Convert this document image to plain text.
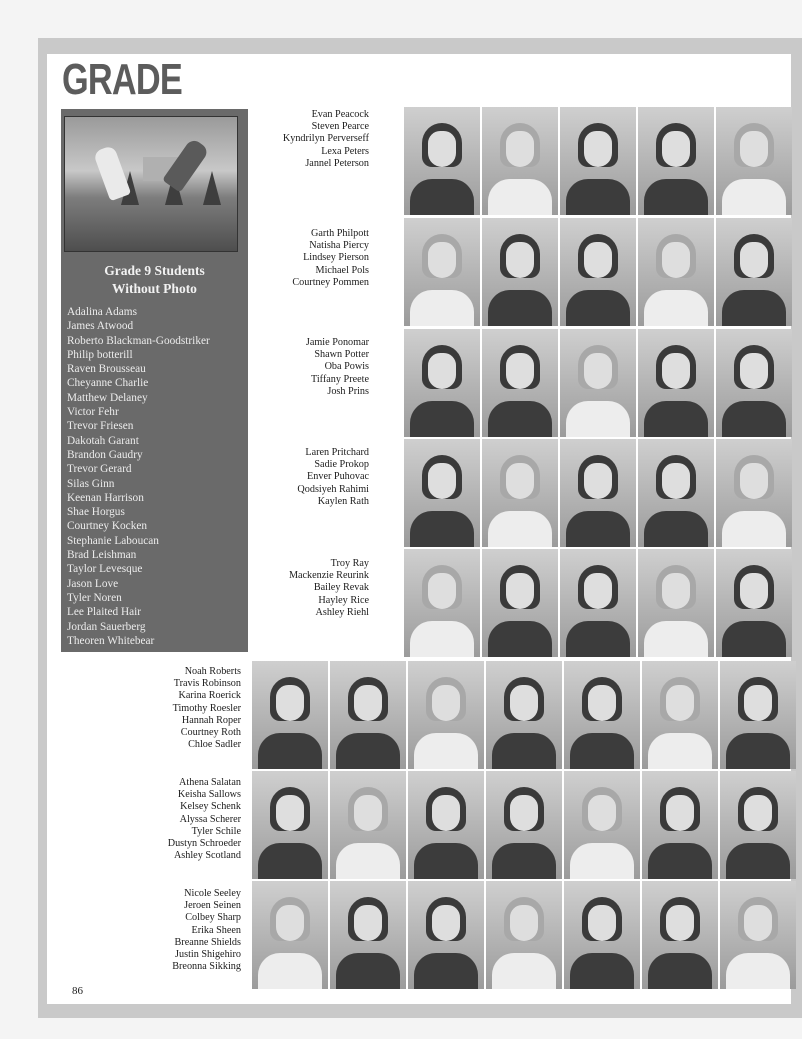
GRADE
Grade 9 Students
Without Photo
Adalina Adams
James Atwood
Roberto Blackman-Goodstriker
Philip botterill
Raven Brousseau
Cheyanne Charlie
Matthew Delaney
Victor Fehr
Trevor Friesen
Dakotah Garant
Brandon Gaudry
Trevor Gerard
Silas Ginn
Keenan Harrison
Shae Horgus
Courtney Kocken
Stephanie Laboucan
Brad Leishman
Taylor Levesque
Jason Love
Tyler Noren
Lee Plaited Hair
Jordan Sauerberg
Theoren Whitebear
Evan Peacock
Steven Pearce
Kyndrilyn Perverseff
Lexa Peters
Jannel Peterson
Garth Philpott
Natisha Piercy
Lindsey Pierson
Michael Pols
Courtney Pommen
Jamie Ponomar
Shawn Potter
Oba Powis
Tiffany Preete
Josh Prins
Laren Pritchard
Sadie Prokop
Enver Puhovac
Qodsiyeh Rahimi
Kaylen Rath
Troy Ray
Mackenzie Reurink
Bailey Revak
Hayley Rice
Ashley Riehl
Noah Roberts
Travis Robinson
Karina Roerick
Timothy Roesler
Hannah Roper
Courtney Roth
Chloe Sadler
Athena Salatan
Keisha Sallows
Kelsey Schenk
Alyssa Scherer
Tyler Schile
Dustyn Schroeder
Ashley Scotland
Nicole Seeley
Jeroen Seinen
Colbey Sharp
Erika Sheen
Breanne Shields
Justin Shigehiro
Breonna Sikking

86
